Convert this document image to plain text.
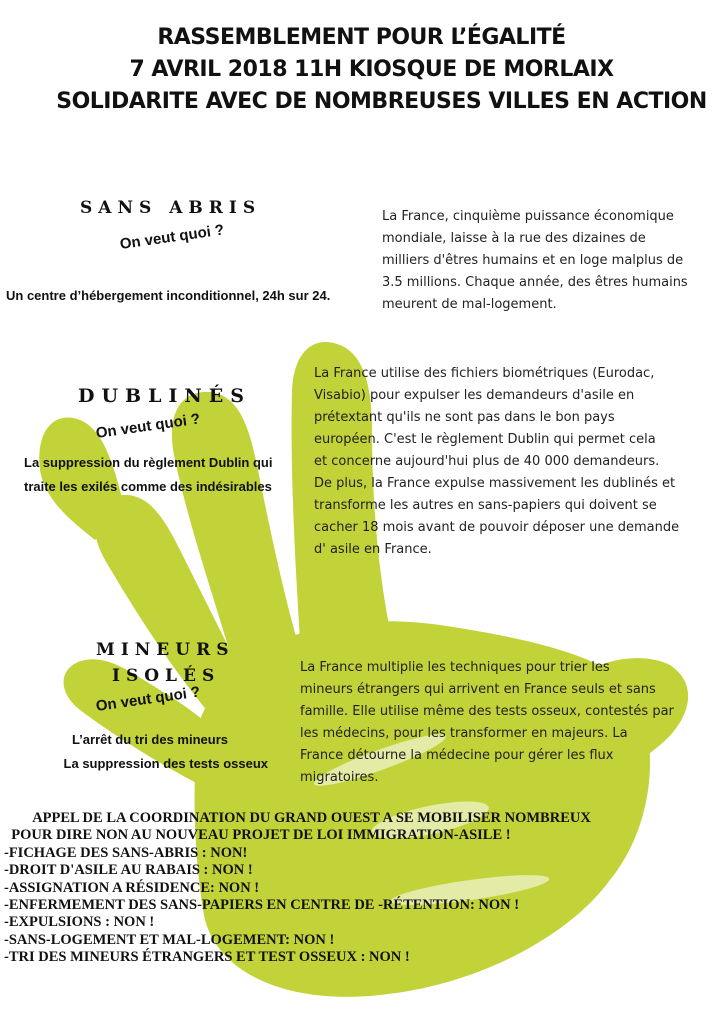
RASSEMBLEMENT POUR L’ÉGALITÉ
7 AVRIL 2018 11H KIOSQUE DE MORLAIX
SOLIDARITE AVEC DE NOMBREUSES VILLES EN ACTION
SANS ABRIS
On veut quoi ?
Un centre d’hébergement inconditionnel, 24h sur 24.
La France, cinquième puissance économique
mondiale, laisse à la rue des dizaines de
milliers d'êtres humains et en loge malplus de
3.5 millions. Chaque année, des êtres humains
meurent de mal-logement.
DUBLINÉS
On veut quoi ?
La suppression du règlement Dublin qui
traite les exilés comme des indésirables
La France utilise des fichiers biométriques (Eurodac,
Visabio) pour expulser les demandeurs d'asile en
prétextant qu'ils ne sont pas dans le bon pays
européen. C'est le règlement Dublin qui permet cela
et concerne aujourd'hui plus de 40 000 demandeurs.
De plus, la France expulse massivement les dublinés et
transforme les autres en sans-papiers qui doivent se
cacher 18 mois avant de pouvoir déposer une demande
d' asile en France.
MINEURS
ISOLÉS
On veut quoi ?
L’arrêt du tri des mineurs
La suppression des tests osseux
La France multiplie les techniques pour trier les
mineurs étrangers qui arrivent en France seuls et sans
famille. Elle utilise même des tests osseux, contestés par
les médecins, pour les transformer en majeurs. La
France détourne la médecine pour gérer les flux
migratoires.
APPEL DE LA COORDINATION DU GRAND OUEST A SE MOBILISER NOMBREUX
POUR DIRE NON AU NOUVEAU PROJET DE LOI IMMIGRATION-ASILE !
-FICHAGE DES SANS-ABRIS : NON!
-DROIT D'ASILE AU RABAIS : NON !
-ASSIGNATION A RÉSIDENCE: NON !
-ENFERMEMENT DES SANS-PAPIERS EN CENTRE DE -RÉTENTION: NON !
-EXPULSIONS : NON !
-SANS-LOGEMENT ET MAL-LOGEMENT: NON !
-TRI DES MINEURS ÉTRANGERS ET TEST OSSEUX : NON !
